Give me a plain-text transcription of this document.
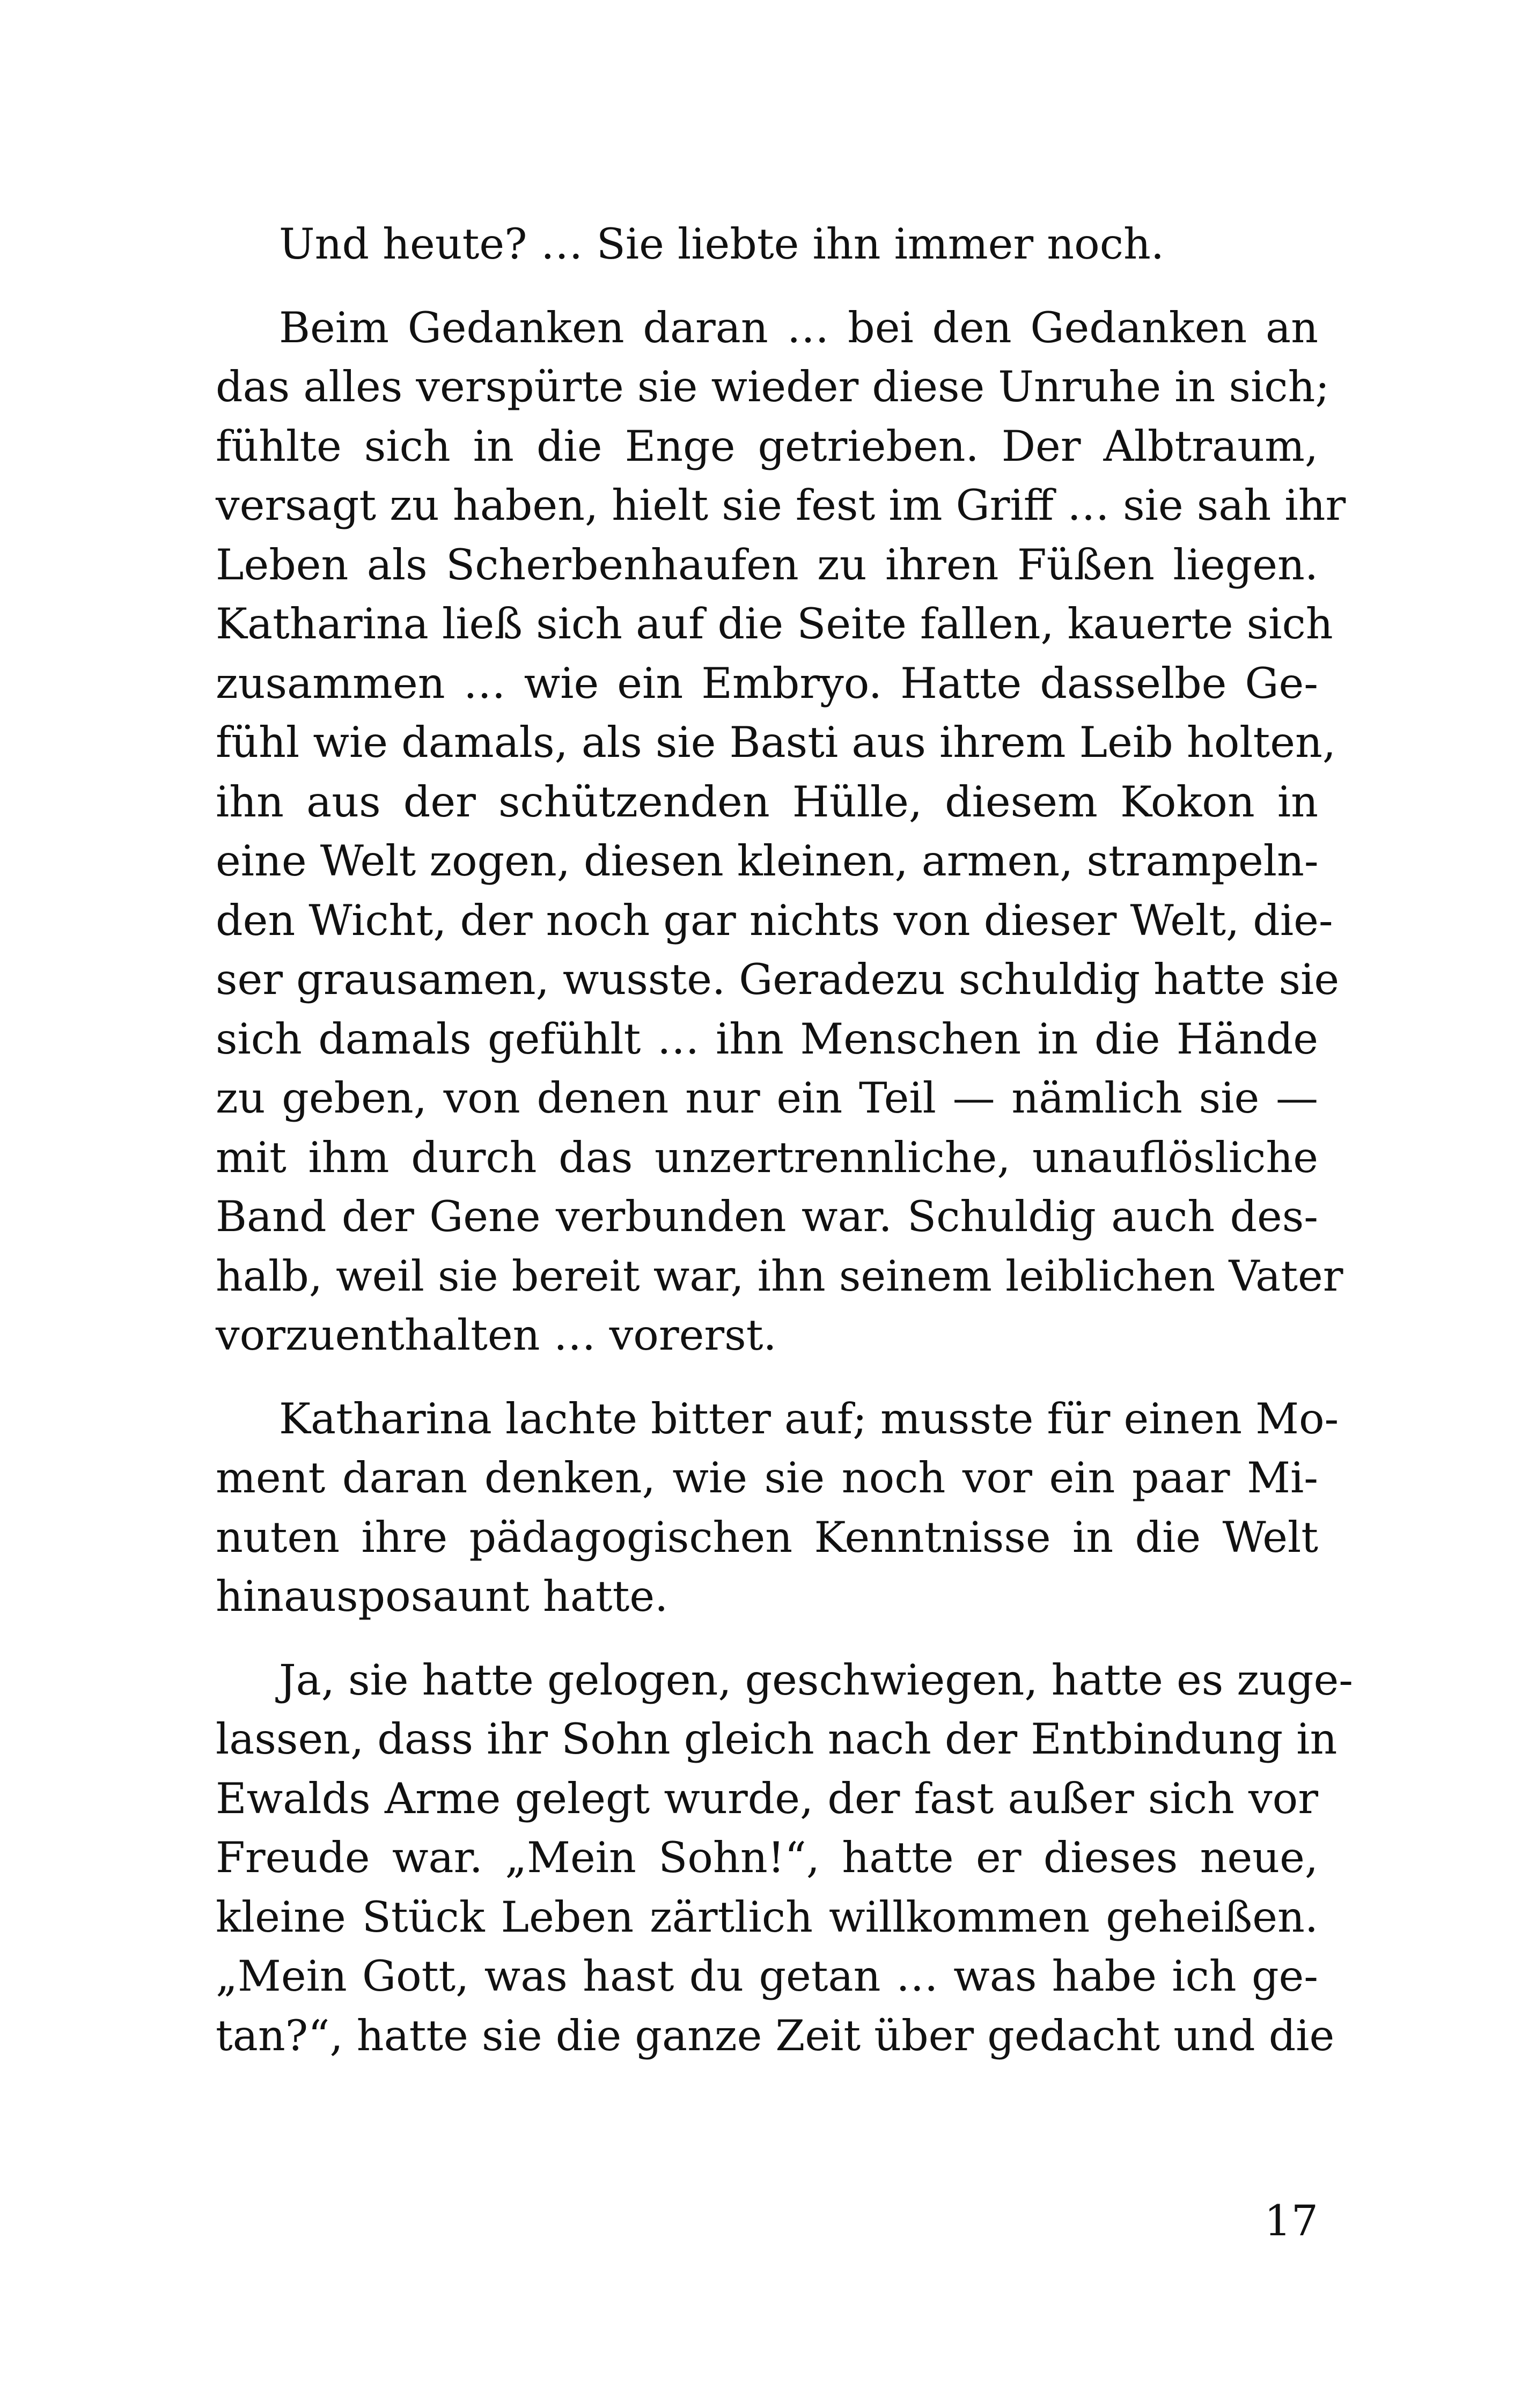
Und heute? … Sie liebte ihn immer noch.
Beim Gedanken daran … bei den Gedanken an
das alles verspürte sie wieder diese Unruhe in sich;
fühlte sich in die Enge getrieben. Der Albtraum,
versagt zu haben, hielt sie fest im Griff … sie sah ihr
Leben als Scherbenhaufen zu ihren Füßen liegen.
Katharina ließ sich auf die Seite fallen, kauerte sich
zusammen … wie ein Embryo. Hatte dasselbe Ge-
fühl wie damals, als sie Basti aus ihrem Leib holten,
ihn aus der schützenden Hülle, diesem Kokon in
eine Welt zogen, diesen kleinen, armen, strampeln-
den Wicht, der noch gar nichts von dieser Welt, die-
ser grausamen, wusste. Geradezu schuldig hatte sie
sich damals gefühlt … ihn Menschen in die Hände
zu geben, von denen nur ein Teil — nämlich sie —
mit ihm durch das unzertrennliche, unauflösliche
Band der Gene verbunden war. Schuldig auch des-
halb, weil sie bereit war, ihn seinem leiblichen Vater
vorzuenthalten … vorerst.
Katharina lachte bitter auf; musste für einen Mo-
ment daran denken, wie sie noch vor ein paar Mi-
nuten ihre pädagogischen Kenntnisse in die Welt
hinausposaunt hatte.
Ja, sie hatte gelogen, geschwiegen, hatte es zuge-
lassen, dass ihr Sohn gleich nach der Entbindung in
Ewalds Arme gelegt wurde, der fast außer sich vor
Freude war. „Mein Sohn!“, hatte er dieses neue,
kleine Stück Leben zärtlich willkommen geheißen.
„Mein Gott, was hast du getan … was habe ich ge-
tan?“, hatte sie die ganze Zeit über gedacht und die
17
